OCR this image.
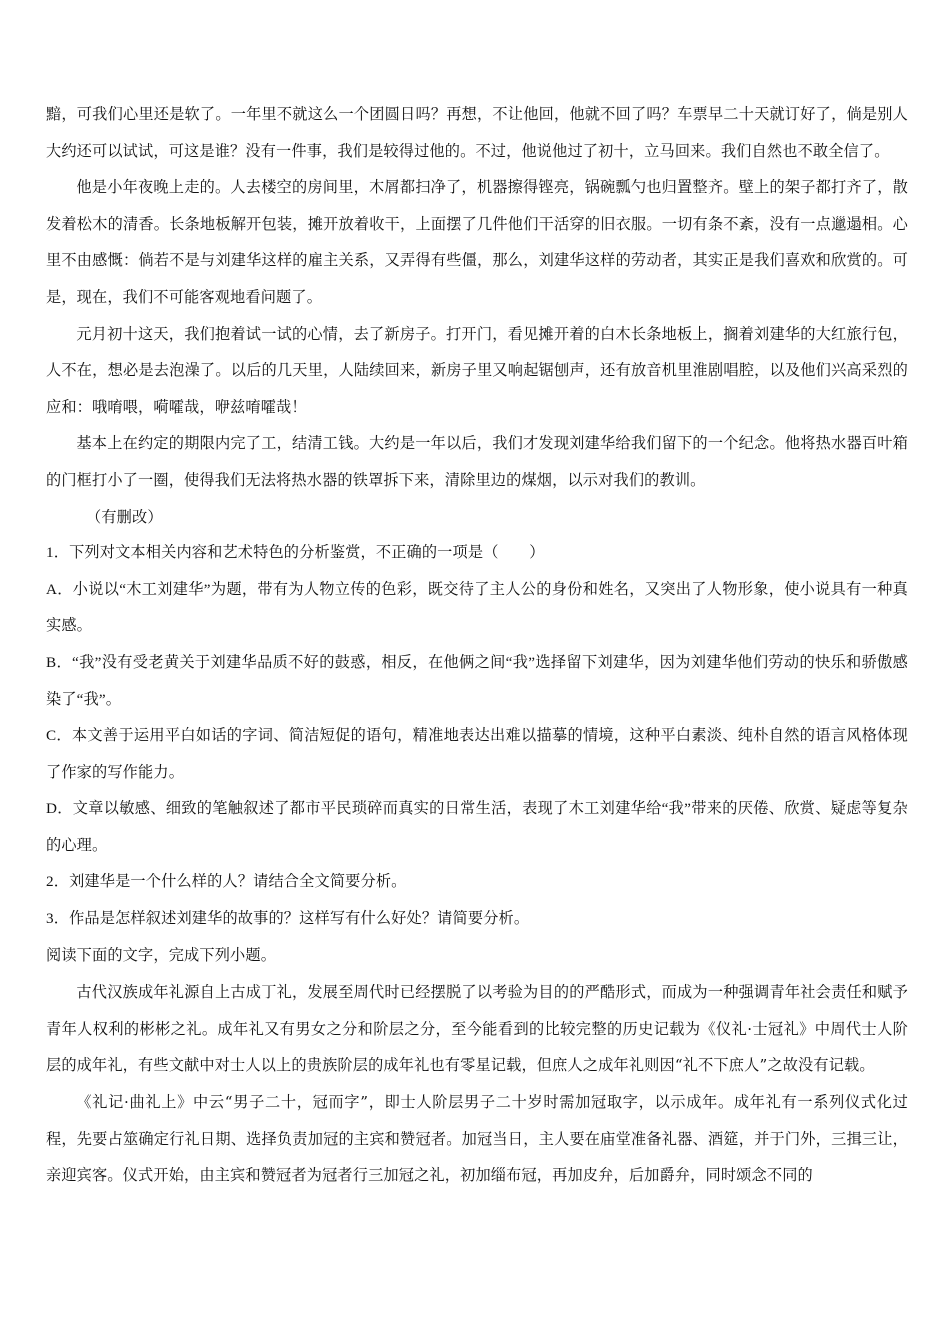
黯，可我们心里还是软了。一年里不就这么一个团圆日吗？再想，不让他回，他就不回了吗？车票早二十天就订好了，倘是别人大约还可以试试，可这是谁？没有一件事，我们是较得过他的。不过，他说他过了初十，立马回来。我们自然也不敢全信了。

他是小年夜晚上走的。人去楼空的房间里，木屑都扫净了，机器擦得铿亮，锅碗瓢勺也归置整齐。壁上的架子都打齐了，散发着松木的清香。长条地板解开包装，摊开放着收干，上面摆了几件他们干活穿的旧衣服。一切有条不紊，没有一点邋遢相。心里不由感慨：倘若不是与刘建华这样的雇主关系，又弄得有些僵，那么，刘建华这样的劳动者，其实正是我们喜欢和欣赏的。可是，现在，我们不可能客观地看问题了。

元月初十这天，我们抱着试一试的心情，去了新房子。打开门，看见摊开着的白木长条地板上，搁着刘建华的大红旅行包，人不在，想必是去泡澡了。以后的几天里，人陆续回来，新房子里又响起锯刨声，还有放音机里淮剧唱腔，以及他们兴高采烈的应和：哦唷喂，嗬嚯哉，咿兹唷嚯哉！

基本上在约定的期限内完了工，结清工钱。大约是一年以后，我们才发现刘建华给我们留下的一个纪念。他将热水器百叶箱的门框打小了一圈，使得我们无法将热水器的铁罩拆下来，清除里边的煤烟，以示对我们的教训。

（有删改）

1．下列对文本相关内容和艺术特色的分析鉴赏，不正确的一项是（　　）

A．小说以“木工刘建华”为题，带有为人物立传的色彩，既交待了主人公的身份和姓名，又突出了人物形象，使小说具有一种真实感。

B．“我”没有受老黄关于刘建华品质不好的鼓惑，相反，在他俩之间“我”选择留下刘建华，因为刘建华他们劳动的快乐和骄傲感染了“我”。

C．本文善于运用平白如话的字词、简洁短促的语句，精准地表达出难以描摹的情境，这种平白素淡、纯朴自然的语言风格体现了作家的写作能力。

D．文章以敏感、细致的笔触叙述了都市平民琐碎而真实的日常生活，表现了木工刘建华给“我”带来的厌倦、欣赏、疑虑等复杂的心理。

2．刘建华是一个什么样的人？请结合全文简要分析。

3．作品是怎样叙述刘建华的故事的？这样写有什么好处？请简要分析。

阅读下面的文字，完成下列小题。

古代汉族成年礼源自上古成丁礼，发展至周代时已经摆脱了以考验为目的的严酷形式，而成为一种强调青年社会责任和赋予青年人权利的彬彬之礼。成年礼又有男女之分和阶层之分，至今能看到的比较完整的历史记载为《仪礼·士冠礼》中周代士人阶层的成年礼，有些文献中对士人以上的贵族阶层的成年礼也有零星记载，但庶人之成年礼则因“礼不下庶人”之故没有记载。

《礼记·曲礼上》中云“男子二十，冠而字”，即士人阶层男子二十岁时需加冠取字，以示成年。成年礼有一系列仪式化过程，先要占筮确定行礼日期、选择负责加冠的主宾和赞冠者。加冠当日，主人要在庙堂准备礼器、酒筵，并于门外，三揖三让，亲迎宾客。仪式开始，由主宾和赞冠者为冠者行三加冠之礼，初加缁布冠，再加皮弁，后加爵弁，同时颂念不同的
